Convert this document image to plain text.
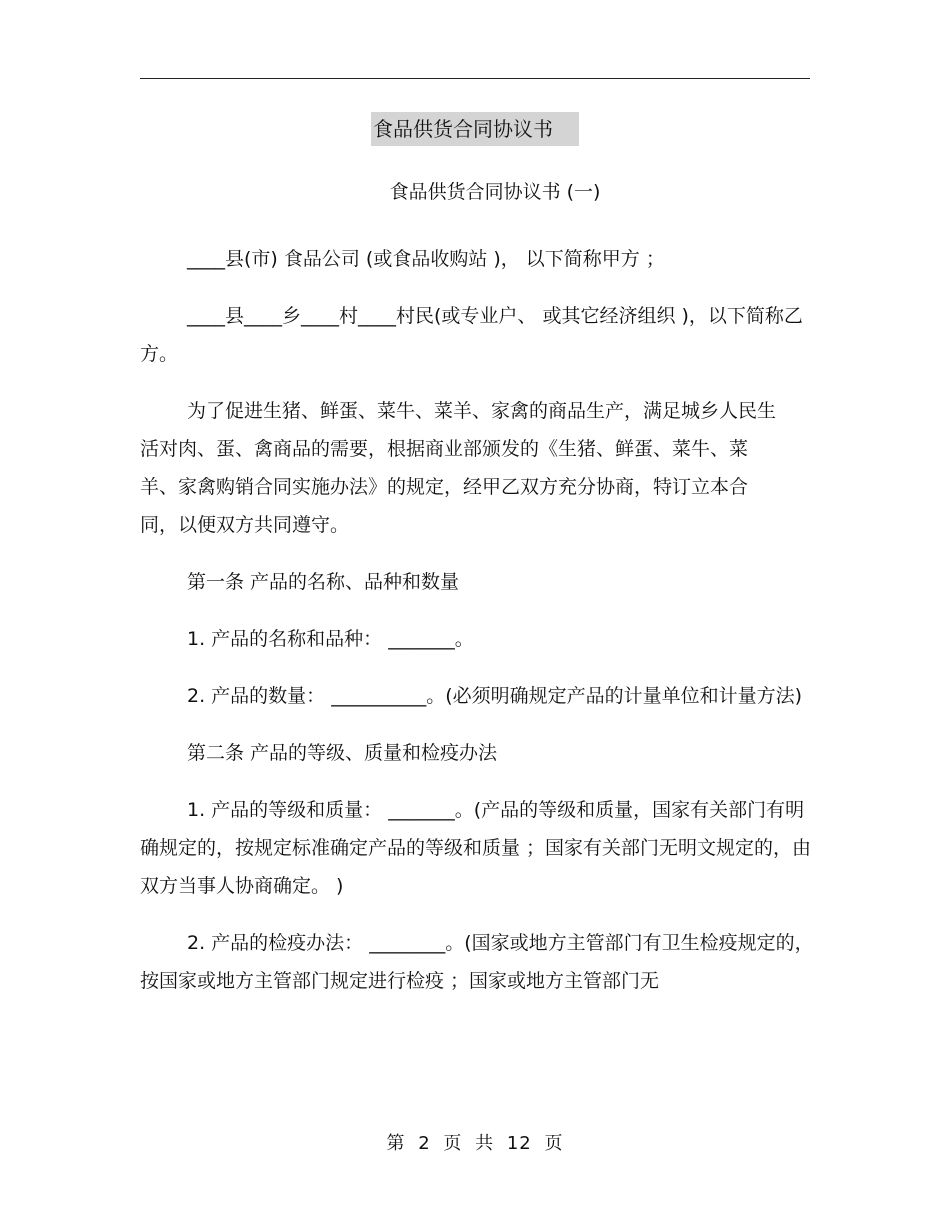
食品供货合同协议书
食品供货合同协议书 (一)

____县(市) 食品公司 (或食品收购站 )， 以下简称甲方 ；

____县____乡____村____村民(或专业户、 或其它经济组织 )，以下简称乙方。

为了促进生猪、鲜蛋、菜牛、菜羊、家禽的商品生产，满足城乡人民生活对肉、蛋、禽商品的需要，根据商业部颁发的《生猪、鲜蛋、菜牛、菜羊、家禽购销合同实施办法》的规定，经甲乙双方充分协商，特订立本合同，以便双方共同遵守。

第一条 产品的名称、品种和数量

1. 产品的名称和品种： _______。

2. 产品的数量： __________。(必须明确规定产品的计量单位和计量方法)

第二条 产品的等级、质量和检疫办法

1. 产品的等级和质量： _______。(产品的等级和质量，国家有关部门有明确规定的，按规定标准确定产品的等级和质量 ；国家有关部门无明文规定的，由双方当事人协商确定。 )

2. 产品的检疫办法： ________。(国家或地方主管部门有卫生检疫规定的，按国家或地方主管部门规定进行检疫 ；国家或地方主管部门无

第 2 页 共 12 页
